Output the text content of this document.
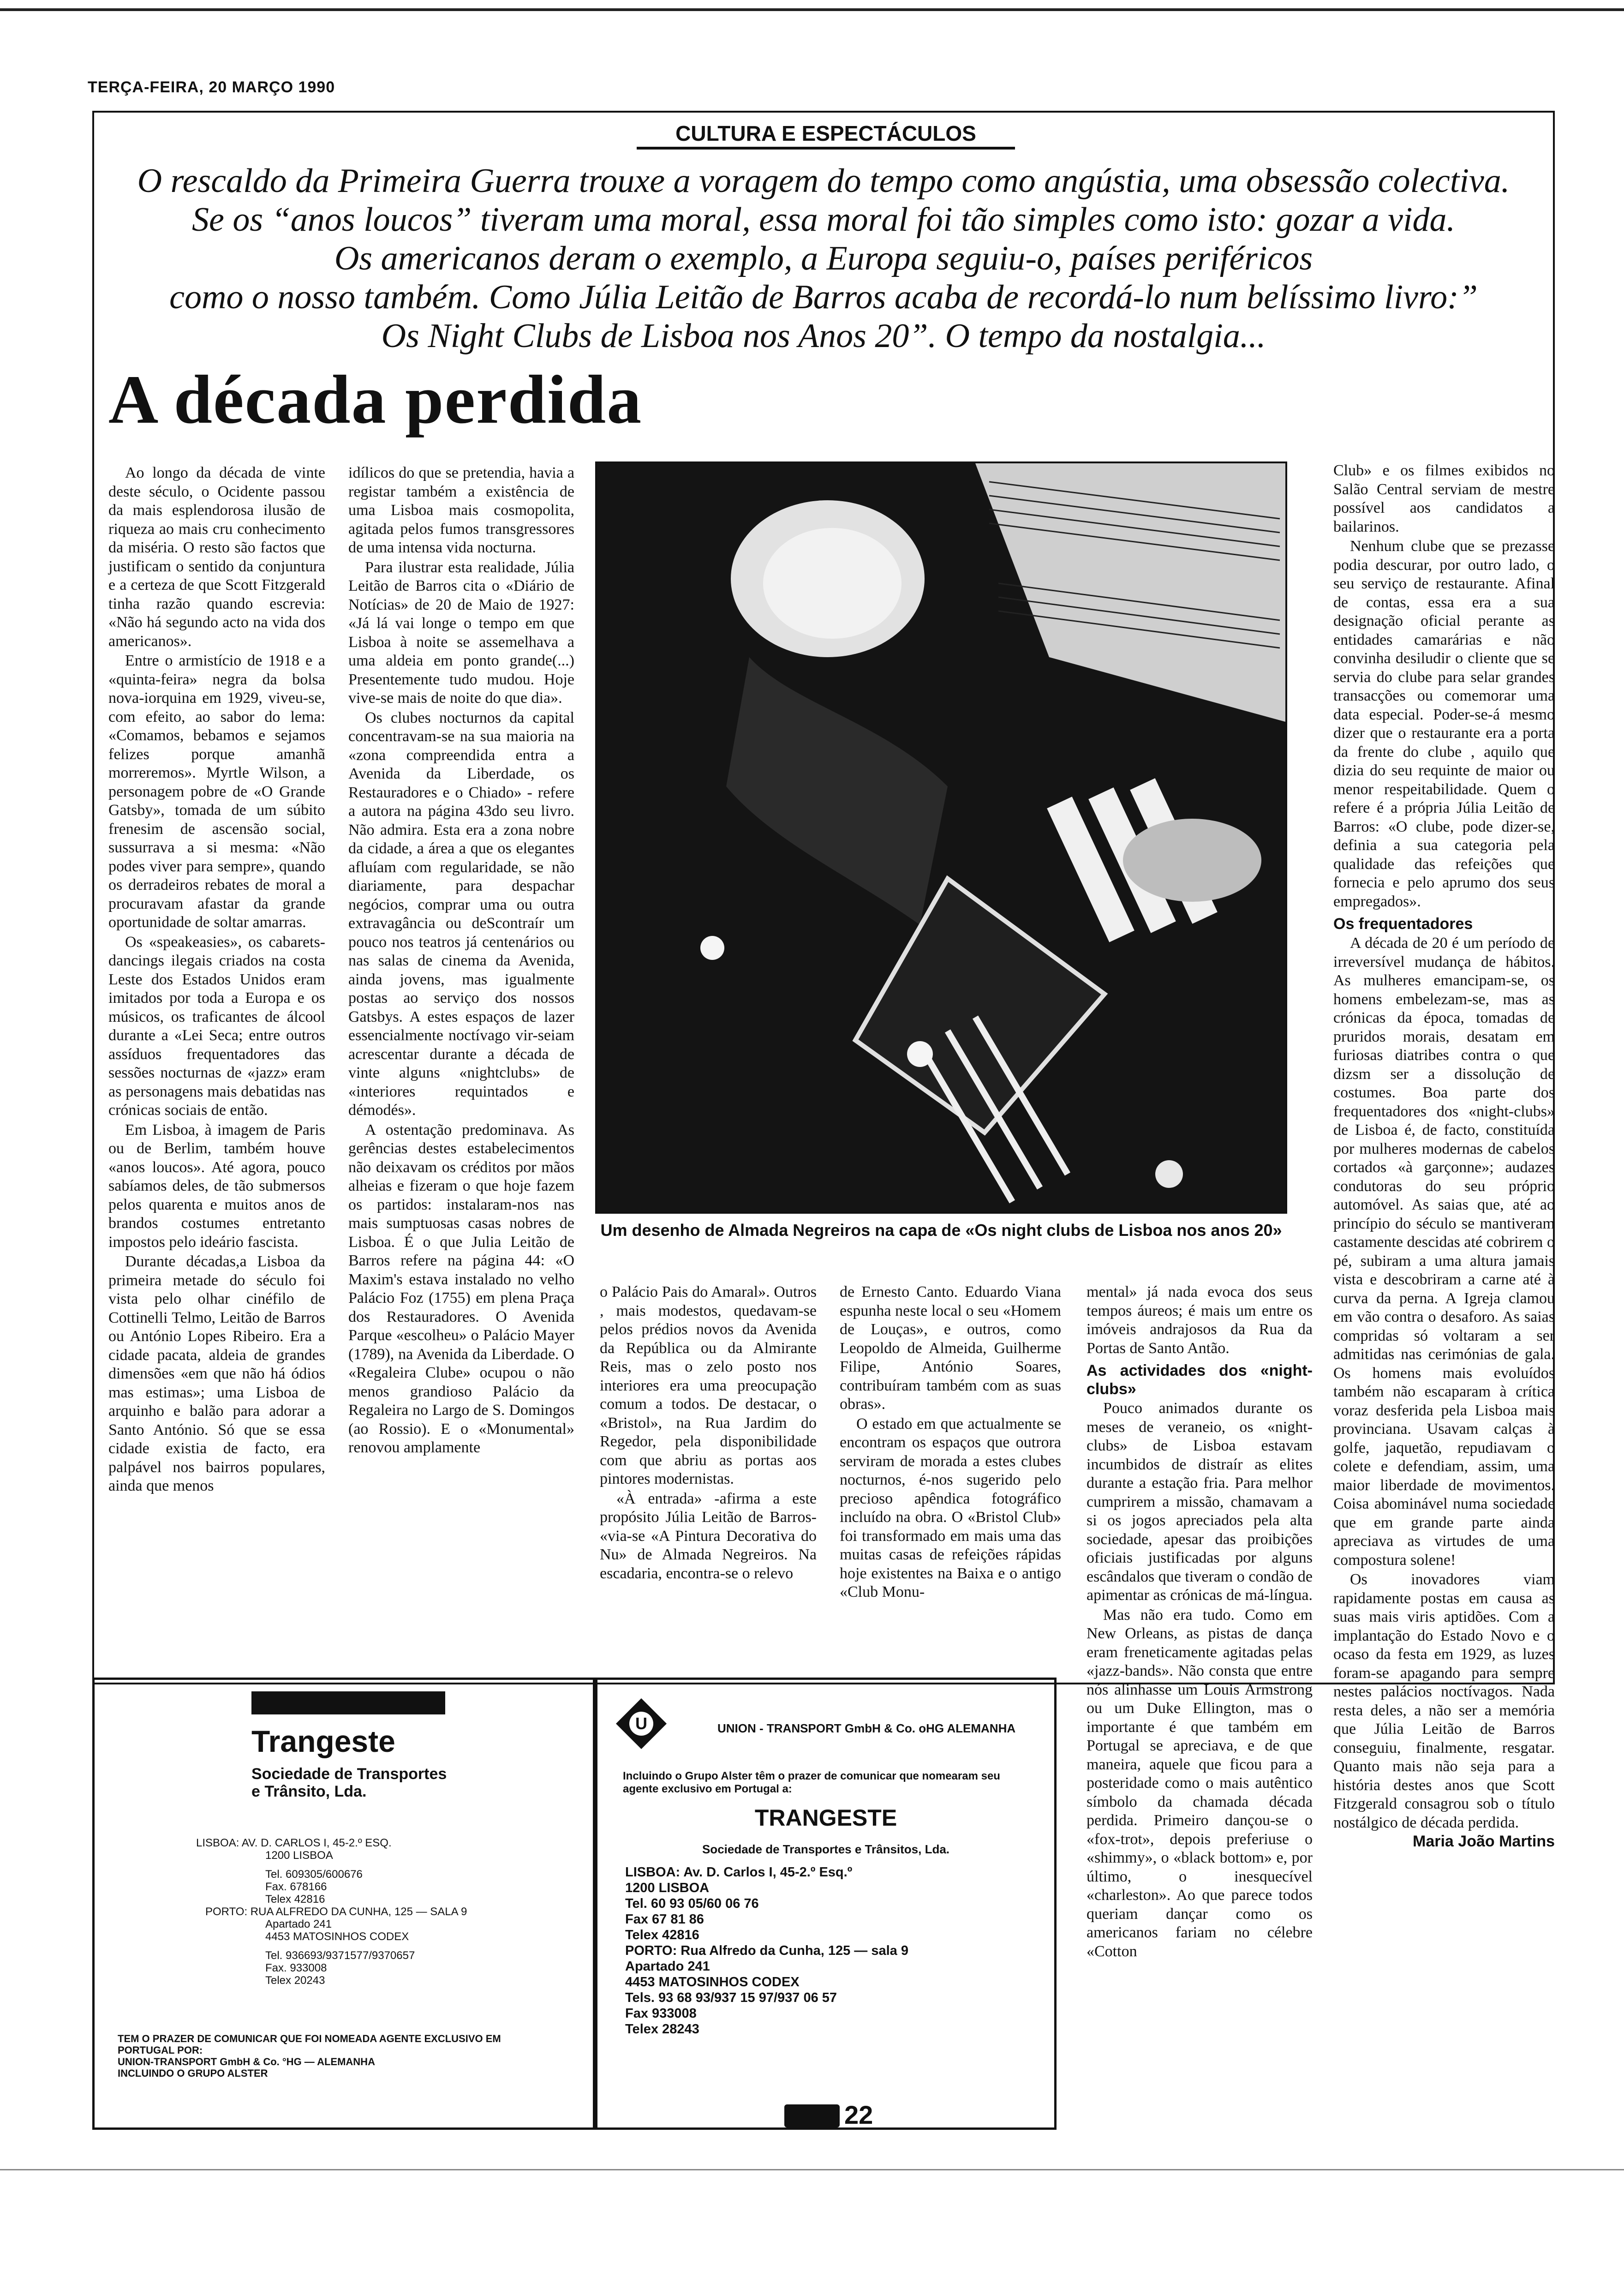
TERÇA-FEIRA, 20 MARÇO 1990
CULTURA E ESPECTÁCULOS
O rescaldo da Primeira Guerra trouxe a voragem do tempo como angústia, uma obsessão colectiva.
Se os “anos loucos” tiveram uma moral, essa moral foi tão simples como isto: gozar a vida.
Os americanos deram o exemplo, a Europa seguiu-o, países periféricos
como o nosso também. Como Júlia Leitão de Barros acaba de recordá-lo num belíssimo livro:”
Os Night Clubs de Lisboa nos Anos 20”. O tempo da nostalgia...
A década perdida

Ao longo da década de vinte deste século, o Ocidente passou da mais esplendorosa ilusão de riqueza ao mais cru conhecimento da miséria. O resto são factos que justificam o sentido da conjuntura e a certeza de que Scott Fitzgerald tinha razão quando escrevia: «Não há segundo acto na vida dos americanos».

Entre o armistício de 1918 e a «quinta-feira» negra da bolsa nova-iorquina em 1929, viveu-se, com efeito, ao sabor do lema: «Comamos, bebamos e sejamos felizes porque amanhã morreremos». Myrtle Wilson, a personagem pobre de «O Grande Gatsby», tomada de um súbito frenesim de ascensão social, sussurrava a si mesma: «Não podes viver para sempre», quando os derradeiros rebates de moral a procuravam afastar da grande oportunidade de soltar amarras.

Os «speakeasies», os cabarets-dancings ilegais criados na costa Leste dos Estados Unidos eram imitados por toda a Europa e os músicos, os traficantes de álcool durante a «Lei Seca; entre outros assíduos frequentadores das sessões nocturnas de «jazz» eram as personagens mais debatidas nas crónicas sociais de então.

Em Lisboa, à imagem de Paris ou de Berlim, também houve «anos loucos». Até agora, pouco sabíamos deles, de tão submersos pelos quarenta e muitos anos de brandos costumes entretanto impostos pelo ideário fascista.

Durante décadas,a Lisboa da primeira metade do século foi vista pelo olhar cinéfilo de Cottinelli Telmo, Leitão de Barros ou António Lopes Ribeiro. Era a cidade pacata, aldeia de grandes dimensões «em que não há ódios mas estimas»; uma Lisboa de arquinho e balão para adorar a Santo António. Só que se essa cidade existia de facto, era palpável nos bairros populares, ainda que menos

idílicos do que se pretendia, havia a registar também a existência de uma Lisboa mais cosmopolita, agitada pelos fumos transgressores de uma intensa vida nocturna.

Para ilustrar esta realidade, Júlia Leitão de Barros cita o «Diário de Notícias» de 20 de Maio de 1927: «Já lá vai longe o tempo em que Lisboa à noite se assemelhava a uma aldeia em ponto grande(...) Presentemente tudo mudou. Hoje vive-se mais de noite do que dia».

Os clubes nocturnos da capital concentravam-se na sua maioria na «zona compreendida entra a Avenida da Liberdade, os Restauradores e o Chiado» - refere a autora na página 43do seu livro. Não admira. Esta era a zona nobre da cidade, a área a que os elegantes afluíam com regularidade, se não diariamente, para despachar negócios, comprar uma ou outra extravagância ou deScontraír um pouco nos teatros já centenários ou nas salas de cinema da Avenida, ainda jovens, mas igualmente postas ao serviço dos nossos Gatsbys. A estes espaços de lazer essencialmente noctívago vir-seiam acrescentar durante a década de vinte alguns «nightclubs» de «interiores requintados e démodés».

A ostentação predominava. As gerências destes estabelecimentos não deixavam os créditos por mãos alheias e fizeram o que hoje fazem os partidos: instalaram-nos nas mais sumptuosas casas nobres de Lisboa. É o que Julia Leitão de Barros refere na página 44: «O Maxim's estava instalado no velho Palácio Foz (1755) em plena Praça dos Restauradores. O Avenida Parque «escolheu» o Palácio Mayer (1789), na Avenida da Liberdade. O «Regaleira Clube» ocupou o não menos grandioso Palácio da Regaleira no Largo de S. Domingos (ao Rossio). E o «Monumental» renovou amplamente

Um desenho de Almada Negreiros na capa de «Os night clubs de Lisboa nos anos 20»

o Palácio Pais do Amaral». Outros , mais modestos, quedavam-se pelos prédios novos da Avenida da República ou da Almirante Reis, mas o zelo posto nos interiores era uma preocupação comum a todos. De destacar, o «Bristol», na Rua Jardim do Regedor, pela disponibilidade com que abriu as portas aos pintores modernistas.

«À entrada» -afirma a este propósito Júlia Leitão de Barros- «via-se «A Pintura Decorativa do Nu» de Almada Negreiros. Na escadaria, encontra-se o relevo

de Ernesto Canto. Eduardo Viana espunha neste local o seu «Homem de Louças», e outros, como Leopoldo de Almeida, Guilherme Filipe, António Soares, contribuíram também com as suas obras».

O estado em que actualmente se encontram os espaços que outrora serviram de morada a estes clubes nocturnos, é-nos sugerido pelo precioso apêndica fotográfico incluído na obra. O «Bristol Club» foi transformado em mais uma das muitas casas de refeições rápidas hoje existentes na Baixa e o antigo «Club Monu-

mental» já nada evoca dos seus tempos áureos; é mais um entre os imóveis andrajosos da Rua da Portas de Santo Antão.

As actividades dos «night-clubs»

Pouco animados durante os meses de veraneio, os «night-clubs» de Lisboa estavam incumbidos de distraír as elites durante a estação fria. Para melhor cumprirem a missão, chamavam a si os jogos apreciados pela alta sociedade, apesar das proibições oficiais justificadas por alguns escândalos que tiveram o condão de apimentar as crónicas de má-língua.

Mas não era tudo. Como em New Orleans, as pistas de dança eram freneticamente agitadas pelas «jazz-bands». Não consta que entre nós alinhasse um Louis Armstrong ou um Duke Ellington, mas o importante é que também em Portugal se apreciava, e de que maneira, aquele que ficou para a posteridade como o mais autêntico símbolo da chamada década perdida. Primeiro dançou-se o «fox-trot», depois preferiuse o «shimmy», o «black bottom» e, por último, o inesquecível «charleston». Ao que parece todos queriam dançar como os americanos fariam no célebre «Cotton

Club» e os filmes exibidos no Salão Central serviam de mestre possível aos candidatos a bailarinos.

Nenhum clube que se prezasse podia descurar, por outro lado, o seu serviço de restaurante. Afinal de contas, essa era a sua designação oficial perante as entidades camarárias e não convinha desiludir o cliente que se servia do clube para selar grandes transacções ou comemorar uma data especial. Poder-se-á mesmo dizer que o restaurante era a porta da frente do clube , aquilo que dizia do seu requinte de maior ou menor respeitabilidade. Quem o refere é a própria Júlia Leitão de Barros: «O clube, pode dizer-se, definia a sua categoria pela qualidade das refeições que fornecia e pelo aprumo dos seus empregados».

Os frequentadores

A década de 20 é um período de irreversível mudança de hábitos. As mulheres emancipam-se, os homens embelezam-se, mas as crónicas da época, tomadas de pruridos morais, desatam em furiosas diatribes contra o que dizsm ser a dissolução de costumes. Boa parte dos frequentadores dos «night-clubs» de Lisboa é, de facto, constituída por mulheres modernas de cabelos cortados «à garçonne»; audazes condutoras do seu próprio automóvel. As saias que, até ao princípio do século se mantiveram castamente descidas até cobrirem o pé, subiram a uma altura jamais vista e descobriram a carne até à curva da perna. A Igreja clamou em vão contra o desaforo. As saias compridas só voltaram a ser admitidas nas cerimónias de gala. Os homens mais evoluídos também não escaparam à crítica voraz desferida pela Lisboa mais provinciana. Usavam calças à golfe, jaquetão, repudiavam o colete e defendiam, assim, uma maior liberdade de movimentos. Coisa abominável numa sociedade que em grande parte ainda apreciava as virtudes de uma compostura solene!

Os inovadores viam rapidamente postas em causa as suas mais viris aptidões. Com a implantação do Estado Novo e o ocaso da festa em 1929, as luzes foram-se apagando para sempre nestes palácios noctívagos. Nada resta deles, a não ser a memória que Júlia Leitão de Barros conseguiu, finalmente, resgatar. Quanto mais não seja para a história destes anos que Scott Fitzgerald consagrou sob o título nostálgico de década perdida.

Maria João Martins
Trangeste
Sociedade de Transportes
e Trânsito, Lda.
LISBOA: AV. D. CARLOS I, 45-2.º ESQ.
1200 LISBOA
Tel. 609305/600676
Fax. 678166
Telex 42816
PORTO: RUA ALFREDO DA CUNHA, 125 — SALA 9
Apartado 241
4453 MATOSINHOS CODEX
Tel. 936693/9371577/9370657
Fax. 933008
Telex 20243
TEM O PRAZER DE COMUNICAR QUE FOI NOMEADA AGENTE EXCLUSIVO EM
PORTUGAL POR:
UNION-TRANSPORT GmbH & Co. °HG — ALEMANHA
INCLUINDO O GRUPO ALSTER
U	UNION - TRANSPORT GmbH & Co. oHG ALEMANHA
Incluindo o Grupo Alster têm o prazer de comunicar que nomearam seu agente exclusivo em Portugal a:
TRANGESTE
Sociedade de Transportes e Trânsitos, Lda.
LISBOA: Av. D. Carlos I, 45-2.º Esq.º
1200 LISBOA
Tel. 60 93 05/60 06 76
Fax 67 81 86
Telex 42816
PORTO: Rua Alfredo da Cunha, 125 — sala 9
Apartado 241
4453 MATOSINHOS CODEX
Tels. 93 68 93/937 15 97/937 06 57
Fax 933008
Telex 28243
22
